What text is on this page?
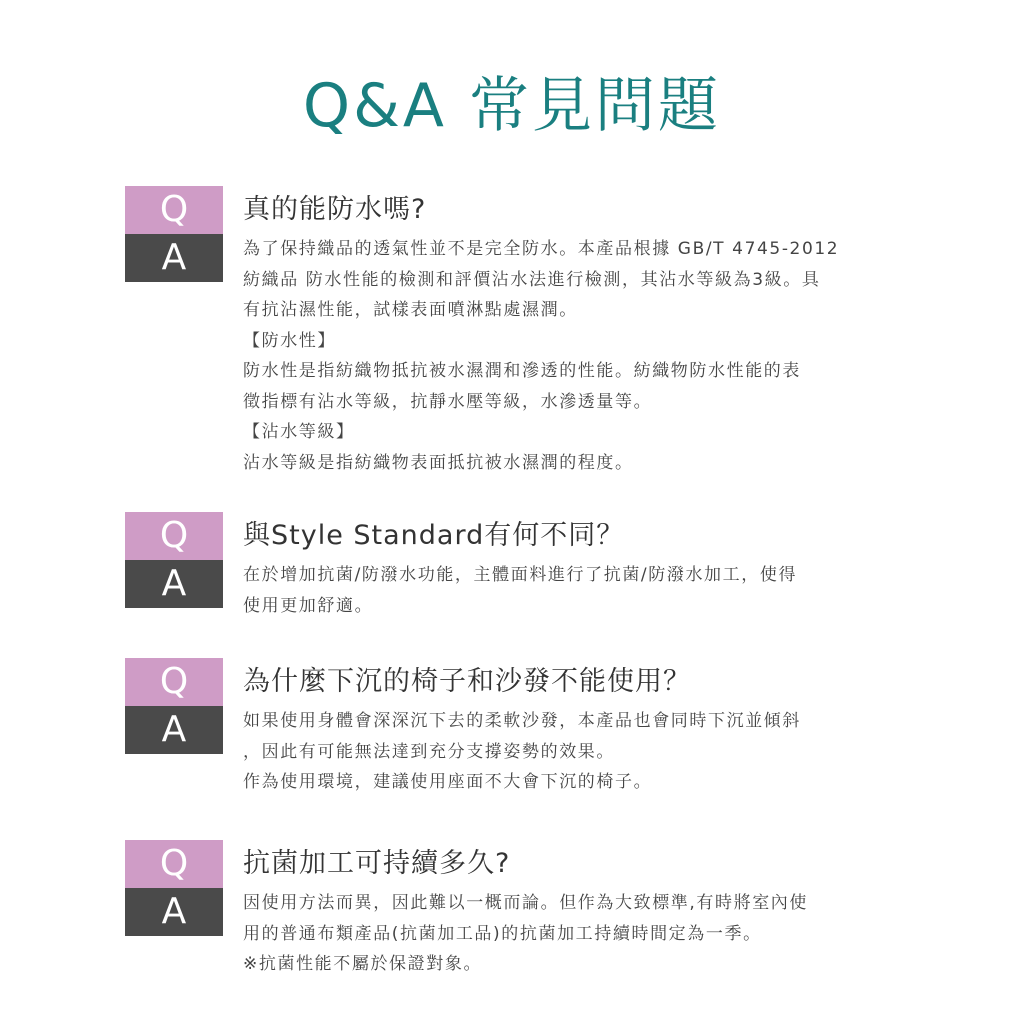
Q&A 常見問題
Q
A
真的能防水嗎?

為了保持織品的透氣性並不是完全防水。本產品根據 GB/T 4745-2012

紡織品 防水性能的檢測和評價沾水法進行檢測，其沾水等級為3級。具

有抗沾濕性能，試樣表面噴淋點處濕潤。

【防水性】

防水性是指紡織物抵抗被水濕潤和滲透的性能。紡織物防水性能的表

徵指標有沾水等級，抗靜水壓等級，水滲透量等。

【沾水等級】

沾水等級是指紡織物表面抵抗被水濕潤的程度。

Q
A
與Style Standard有何不同？

在於增加抗菌/防潑水功能，主體面料進行了抗菌/防潑水加工，使得

使用更加舒適。

Q
A
為什麼下沉的椅子和沙發不能使用？

如果使用身體會深深沉下去的柔軟沙發，本產品也會同時下沉並傾斜

，因此有可能無法達到充分支撐姿勢的效果。

作為使用環境，建議使用座面不大會下沉的椅子。

Q
A
抗菌加工可持續多久?

因使用方法而異，因此難以一概而論。但作為大致標準,有時將室內使

用的普通布類產品(抗菌加工品)的抗菌加工持續時間定為一季。

※抗菌性能不屬於保證對象。
